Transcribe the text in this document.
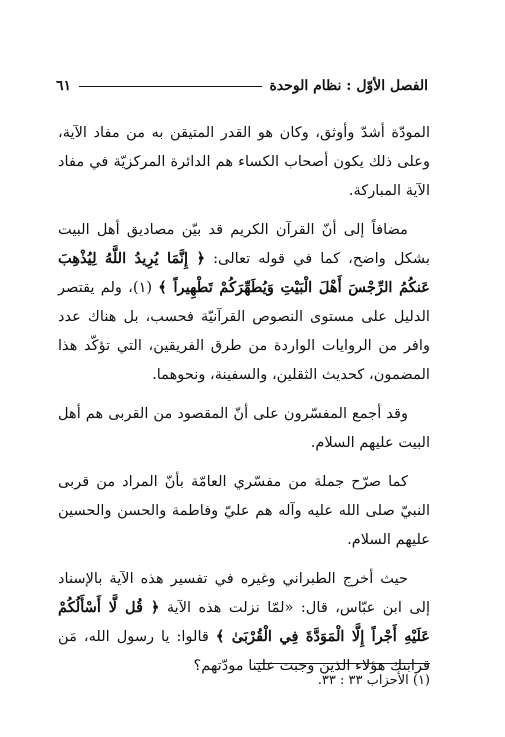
الفصل الأوّل : نظام الوحدة
٦١

المودّة أشدّ وأوثق، وكان هو القدر المتيقن به من مفاد الآية، وعلى ذلك يكون أصحاب الكساء هم الدائرة المركزيّة في مفاد الآية المباركة.

مضافاً إلى أنّ القرآن الكريم قد بيّن مصاديق أهل البيت بشكل واضح، كما في قوله تعالى: ﴿ إِنَّمَا يُرِيدُ اللَّهُ لِيُذْهِبَ عَنكُمُ الرِّجْسَ أَهْلَ الْبَيْتِ وَيُطَهِّرَكُمْ تَطْهِيراً ﴾ (١)، ولم يقتصر الدليل على مستوى النصوص القرآنيّة فحسب، بل هناك عدد وافر من الروايات الواردة من طرق الفريقين، التي تؤكّد هذا المضمون، كحديث الثقلين، والسفينة، ونحوهما.

وقد أجمع المفسّرون على أنّ المقصود من القربى هم أهل البيت عليهم السلام.

كما صرّح جملة من مفسّري العامّة بأنّ المراد من قربى النبيّ صلى الله عليه وآله هم عليّ وفاطمة والحسن والحسين عليهم السلام.

حيث أخرج الطبراني وغيره في تفسير هذه الآية بالإسناد إلى ابن عبّاس، قال: «لمّا نزلت هذه الآية ﴿ قُل لَّا أَسْأَلُكُمْ عَلَيْهِ أَجْراً إِلَّا الْمَوَدَّةَ فِي الْقُرْبَىٰ ﴾ قالوا: يا رسول الله، مَن قرابتك هؤلاء الذين وجبت علينا مودّتهم؟

(١) الأحزاب ٣٣ : ٣٣.
